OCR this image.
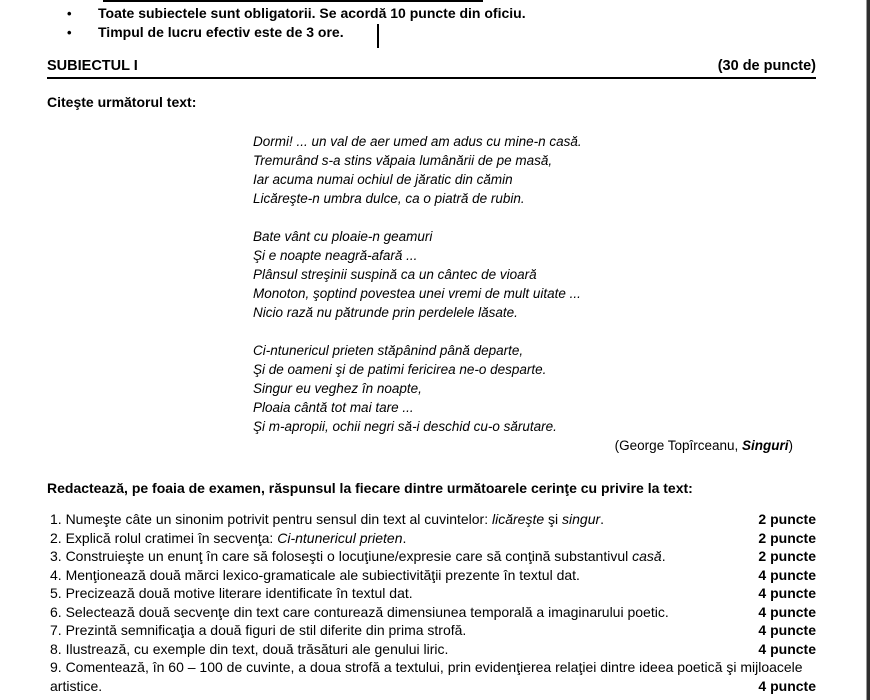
• Toate subiectele sunt obligatorii. Se acordă 10 puncte din oficiu.
• Timpul de lucru efectiv este de 3 ore.
SUBIECTUL I	(30 de puncte)
Citeşte următorul text:
Dormi! ... un val de aer umed am adus cu mine-n casă.
Tremurând s-a stins văpaia lumânării de pe masă,
Iar acuma numai ochiul de jăratic din cămin
Licăreşte-n umbra dulce, ca o piatră de rubin.
Bate vânt cu ploaie-n geamuri
Şi e noapte neagră-afară ...
Plânsul streşinii suspină ca un cântec de vioară
Monoton, şoptind povestea unei vremi de mult uitate ...
Nicio rază nu pătrunde prin perdelele lăsate.
Ci-ntunericul prieten stăpânind până departe,
Şi de oameni şi de patimi fericirea ne-o desparte.
Singur eu veghez în noapte,
Ploaia cântă tot mai tare ...
Şi m-apropii, ochii negri să-i deschid cu-o sărutare.
(George Topîrceanu, Singuri)
Redactează, pe foaia de examen, răspunsul la fiecare dintre următoarele cerinţe cu privire la text:
1. Numeşte câte un sinonim potrivit pentru sensul din text al cuvintelor: licăreşte şi singur.	2 puncte
2. Explică rolul cratimei în secvenţa: Ci-ntunericul prieten.	2 puncte
3. Construieşte un enunţ în care să foloseşti o locuţiune/expresie care să conţină substantivul casă.	2 puncte
4. Menţionează două mărci lexico-gramaticale ale subiectivităţii prezente în textul dat.	4 puncte
5. Precizează două motive literare identificate în textul dat.	4 puncte
6. Selectează două secvenţe din text care conturează dimensiunea temporală a imaginarului poetic.	4 puncte
7. Prezintă semnificaţia a două figuri de stil diferite din prima strofă.	4 puncte
8. Ilustrează, cu exemple din text, două trăsături ale genului liric.	4 puncte
9. Comentează, în 60 – 100 de cuvinte, a doua strofă a textului, prin evidenţierea relaţiei dintre ideea poetică şi mijloacele artistice.	4 puncte
